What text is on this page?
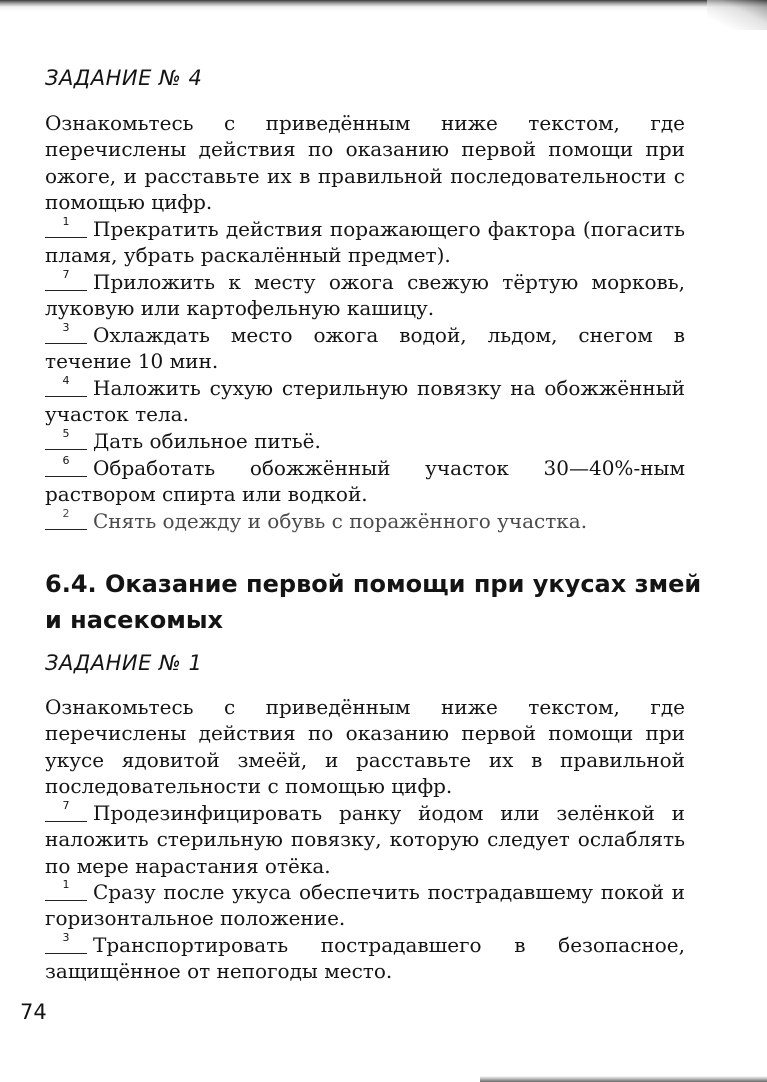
ЗАДАНИЕ № 4

Ознакомьтесь с приведённым ниже текстом, где перечислены действия по оказанию первой помощи при ожоге, и расставьте их в правильной последовательности с помощью цифр.

1	Прекратить действия поражающего фактора (погасить пламя, убрать раскалённый предмет).

7	Приложить к месту ожога свежую тёртую морковь, луковую или картофельную кашицу.

3	Охлаждать место ожога водой, льдом, снегом в течение 10 мин.

4	Наложить сухую стерильную повязку на обожжённый участок тела.

5	Дать обильное питьё.

6	Обработать обожжённый участок 30—40%-ным раствором спирта или водкой.

2	Снять одежду и обувь с поражённого участка.

6.4. Оказание первой помощи при укусах змей и насекомых
ЗАДАНИЕ № 1

Ознакомьтесь с приведённым ниже текстом, где перечислены действия по оказанию первой помощи при укусе ядовитой змеёй, и расставьте их в правильной последовательности с помощью цифр.

7	Продезинфицировать ранку йодом или зелёнкой и наложить стерильную повязку, которую следует ослаблять по мере нарастания отёка.

1	Сразу после укуса обеспечить пострадавшему покой и горизонтальное положение.

3	Транспортировать пострадавшего в безопасное, защищённое от непогоды место.

74
